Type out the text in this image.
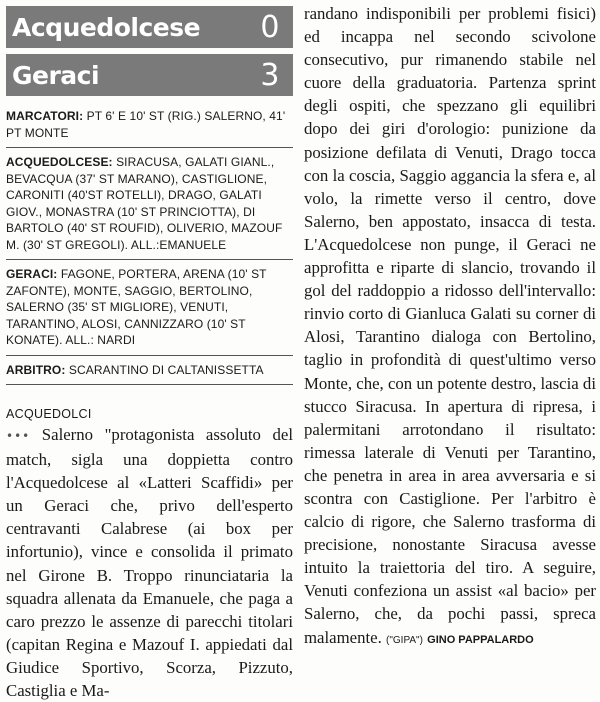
Acquedolcese 0
Geraci	3
MARCATORI: PT 6' E 10' ST (RIG.) SALERNO, 41' PT MONTE
ACQUEDOLCESE: SIRACUSA, GALATI GIANL., BEVACQUA (37' ST MARANO), CASTIGLIONE, CARONITI (40'ST ROTELLI), DRAGO, GALATI GIOV., MONASTRA (10' ST PRINCIOTTA), DI BARTOLO (40' ST ROUFID), OLIVERIO, MAZOUF M. (30' ST GREGOLI). ALL.:EMANUELE
GERACI: FAGONE, PORTERA, ARENA (10' ST ZAFONTE), MONTE, SAGGIO, BERTOLINO, SALERNO (35' ST MIGLIORE), VENUTI, TARANTINO, ALOSI, CANNIZZARO (10' ST KONATE). ALL.: NARDI
ARBITRO: SCARANTINO DI CALTANISSETTA
ACQUEDOLCI
••• Salerno "protagonista assoluto del match, sigla una doppietta contro l'Acquedolcese al «Latteri Scaffidi» per un Geraci che, privo dell'esperto centravanti Calabrese (ai box per infortunio), vince e consolida il primato nel Girone B. Troppo rinunciataria la squadra allenata da Emanuele, che paga a caro prezzo le assenze di parecchi titolari (capitan Regina e Mazouf I. appiedati dal Giudice Sportivo, Scorza, Pizzuto, Castiglia e Ma-
randano indisponibili per problemi fisici) ed incappa nel secondo scivolone consecutivo, pur rimanendo stabile nel cuore della graduatoria. Partenza sprint degli ospiti, che spezzano gli equilibri dopo dei giri d'orologio: punizione da posizione defilata di Venuti, Drago tocca con la coscia, Saggio aggancia la sfera e, al volo, la rimette verso il centro, dove Salerno, ben appostato, insacca di testa. L'Acquedolcese non punge, il Geraci ne approfitta e riparte di slancio, trovando il gol del raddoppio a ridosso dell'intervallo: rinvio corto di Gianluca Galati su corner di Alosi, Tarantino dialoga con Bertolino, taglio in profondità di quest'ultimo verso Monte, che, con un potente destro, lascia di stucco Siracusa. In apertura di ripresa, i palermitani arrotondano il risultato: rimessa laterale di Venuti per Tarantino, che penetra in area in area avversaria e si scontra con Castiglione. Per l'arbitro è calcio di rigore, che Salerno trasforma di precisione, nonostante Siracusa avesse intuito la traiettoria del tiro. A seguire, Venuti confeziona un assist «al bacio» per Salerno, che, da pochi passi, spreca malamente. ("GIPA") GINO PAPPALARDO
